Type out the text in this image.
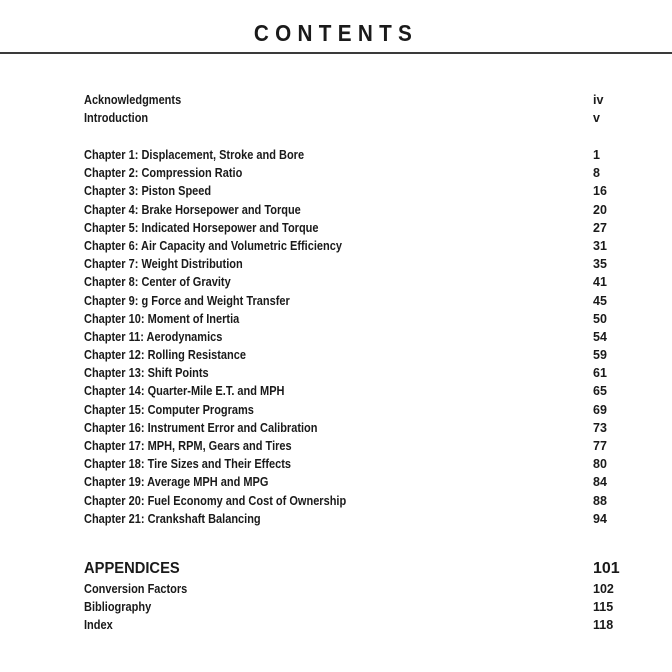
CONTENTS
Acknowledgments	iv
Introduction	v
Chapter 1: Displacement, Stroke and Bore	1
Chapter 2: Compression Ratio	8
Chapter 3: Piston Speed	16
Chapter 4: Brake Horsepower and Torque	20
Chapter 5: Indicated Horsepower and Torque	27
Chapter 6: Air Capacity and Volumetric Efficiency	31
Chapter 7: Weight Distribution	35
Chapter 8: Center of Gravity	41
Chapter 9: g Force and Weight Transfer	45
Chapter 10: Moment of Inertia	50
Chapter 11: Aerodynamics	54
Chapter 12: Rolling Resistance	59
Chapter 13: Shift Points	61
Chapter 14: Quarter-Mile E.T. and MPH	65
Chapter 15: Computer Programs	69
Chapter 16: Instrument Error and Calibration	73
Chapter 17: MPH, RPM, Gears and Tires	77
Chapter 18: Tire Sizes and Their Effects	80
Chapter 19: Average MPH and MPG	84
Chapter 20: Fuel Economy and Cost of Ownership	88
Chapter 21: Crankshaft Balancing	94
APPENDICES	101
Conversion Factors	102
Bibliography	115
Index	118
